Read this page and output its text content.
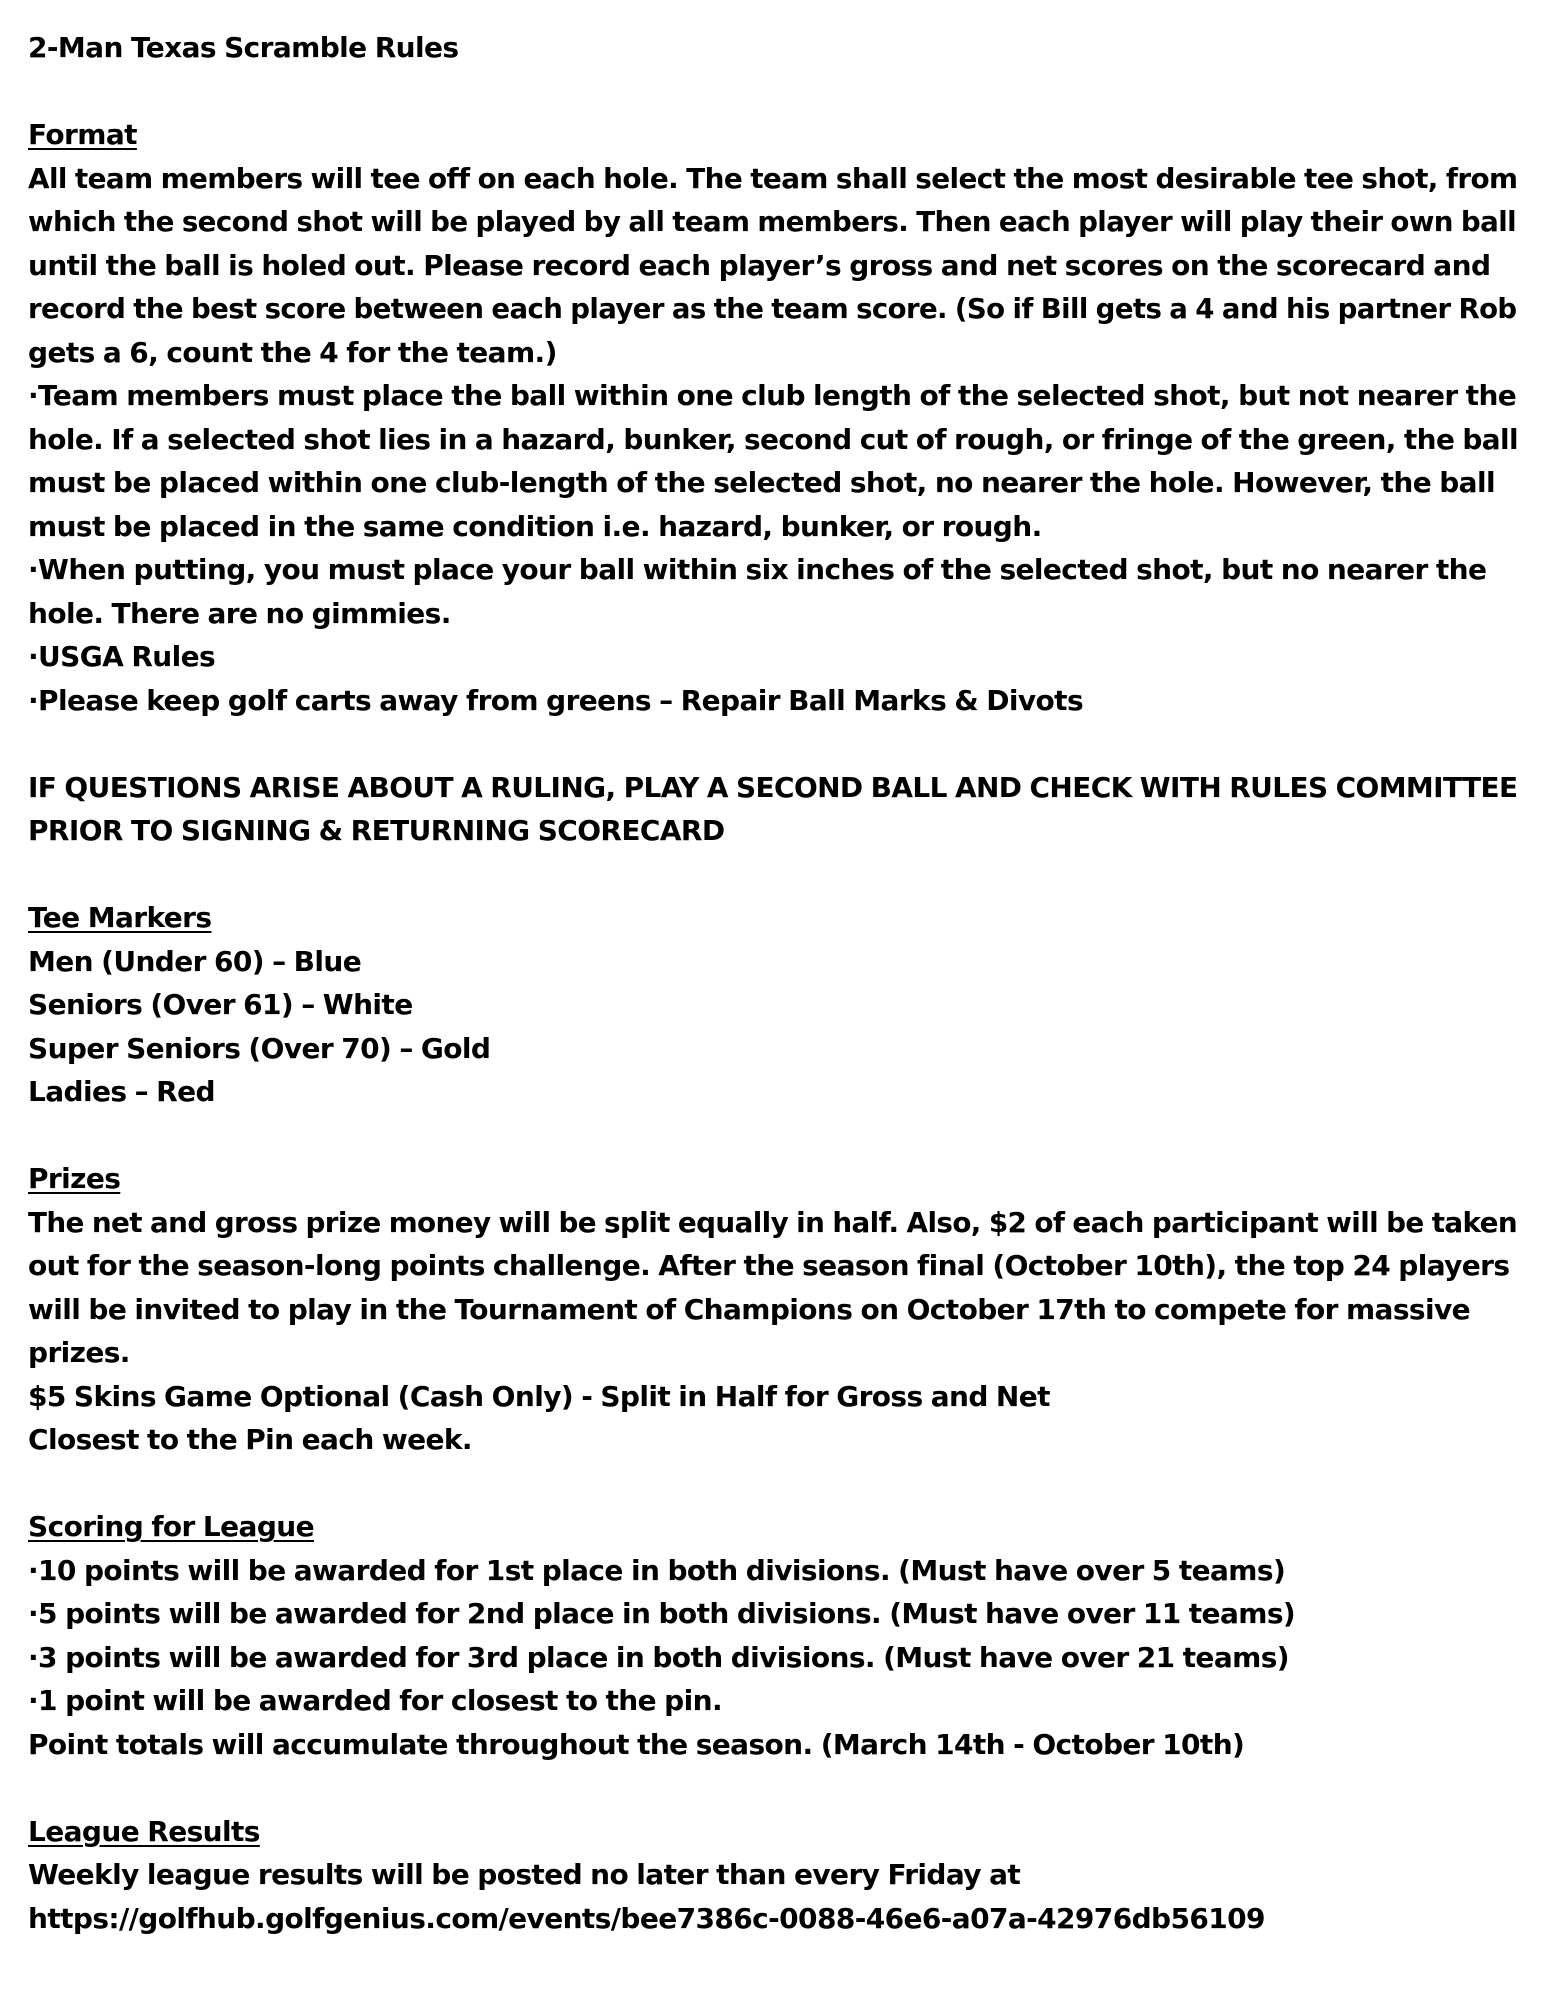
2-Man Texas Scramble Rules
Format
All team members will tee off on each hole. The team shall select the most desirable tee shot, from
which the second shot will be played by all team members. Then each player will play their own ball
until the ball is holed out. Please record each player’s gross and net scores on the scorecard and
record the best score between each player as the team score. (So if Bill gets a 4 and his partner Rob
gets a 6, count the 4 for the team.)
·Team members must place the ball within one club length of the selected shot, but not nearer the
hole. If a selected shot lies in a hazard, bunker, second cut of rough, or fringe of the green, the ball
must be placed within one club-length of the selected shot, no nearer the hole. However, the ball
must be placed in the same condition i.e. hazard, bunker, or rough.
·When putting, you must place your ball within six inches of the selected shot, but no nearer the
hole. There are no gimmies.
·USGA Rules
·Please keep golf carts away from greens – Repair Ball Marks & Divots
IF QUESTIONS ARISE ABOUT A RULING, PLAY A SECOND BALL AND CHECK WITH RULES COMMITTEE
PRIOR TO SIGNING & RETURNING SCORECARD
Tee Markers
Men (Under 60) – Blue
Seniors (Over 61) – White
Super Seniors (Over 70) – Gold
Ladies – Red
Prizes
The net and gross prize money will be split equally in half. Also, $2 of each participant will be taken
out for the season-long points challenge. After the season final (October 10th), the top 24 players
will be invited to play in the Tournament of Champions on October 17th to compete for massive
prizes.
$5 Skins Game Optional (Cash Only) - Split in Half for Gross and Net
Closest to the Pin each week.
Scoring for League
·10 points will be awarded for 1st place in both divisions. (Must have over 5 teams)
·5 points will be awarded for 2nd place in both divisions. (Must have over 11 teams)
·3 points will be awarded for 3rd place in both divisions. (Must have over 21 teams)
·1 point will be awarded for closest to the pin.
Point totals will accumulate throughout the season. (March 14th - October 10th)
League Results
Weekly league results will be posted no later than every Friday at
https://golfhub.golfgenius.com/events/bee7386c-0088-46e6-a07a-42976db56109
